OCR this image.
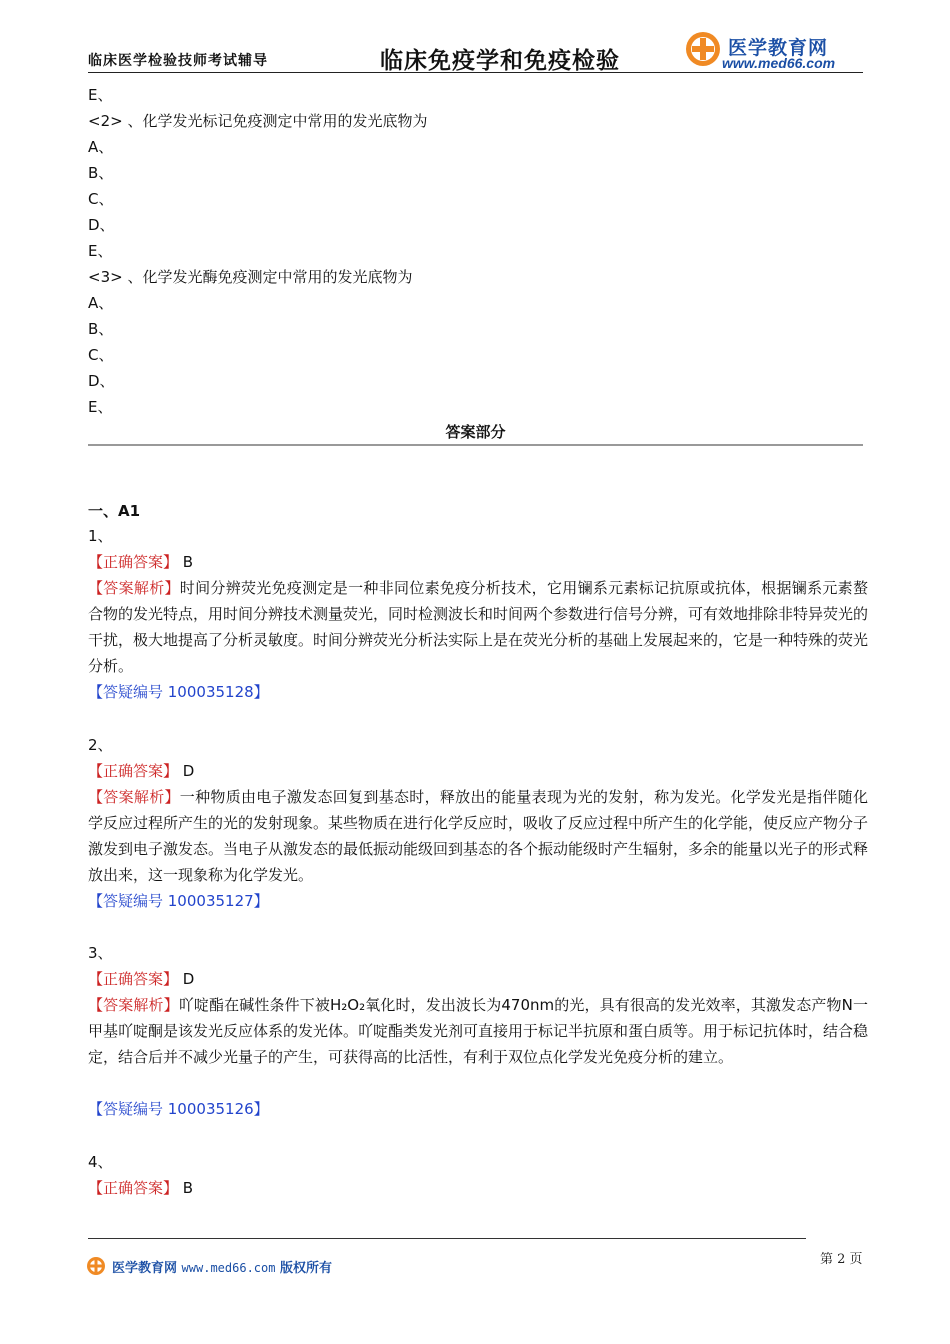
临床医学检验技师考试辅导	临床免疫学和免疫检验	医学教育网
www.med66.com
E、
<2> 、化学发光标记免疫测定中常用的发光底物为
A、
B、
C、
D、
E、
<3> 、化学发光酶免疫测定中常用的发光底物为
A、
B、
C、
D、
E、
答案部分
一、A1
1、
【正确答案】 B
【答案解析】时间分辨荧光免疫测定是一种非同位素免疫分析技术，它用镧系元素标记抗原或抗体，根据镧系元素螯合物的发光特点，用时间分辨技术测量荧光，同时检测波长和时间两个参数进行信号分辨，可有效地排除非特异荧光的干扰，极大地提高了分析灵敏度。时间分辨荧光分析法实际上是在荧光分析的基础上发展起来的，它是一种特殊的荧光分析。
【答疑编号 100035128】
2、
【正确答案】 D
【答案解析】一种物质由电子激发态回复到基态时，释放出的能量表现为光的发射，称为发光。化学发光是指伴随化学反应过程所产生的光的发射现象。某些物质在进行化学反应时，吸收了反应过程中所产生的化学能，使反应产物分子激发到电子激发态。当电子从激发态的最低振动能级回到基态的各个振动能级时产生辐射，多余的能量以光子的形式释放出来，这一现象称为化学发光。
【答疑编号 100035127】
3、
【正确答案】 D
【答案解析】吖啶酯在碱性条件下被H₂O₂氧化时，发出波长为470nm的光，具有很高的发光效率，其激发态产物N一甲基吖啶酮是该发光反应体系的发光体。吖啶酯类发光剂可直接用于标记半抗原和蛋白质等。用于标记抗体时，结合稳定，结合后并不减少光量子的产生，可获得高的比活性，有利于双位点化学发光免疫分析的建立。
【答疑编号 100035126】
4、
【正确答案】 B
医学教育网 www.med66.com 版权所有
第 2 页
